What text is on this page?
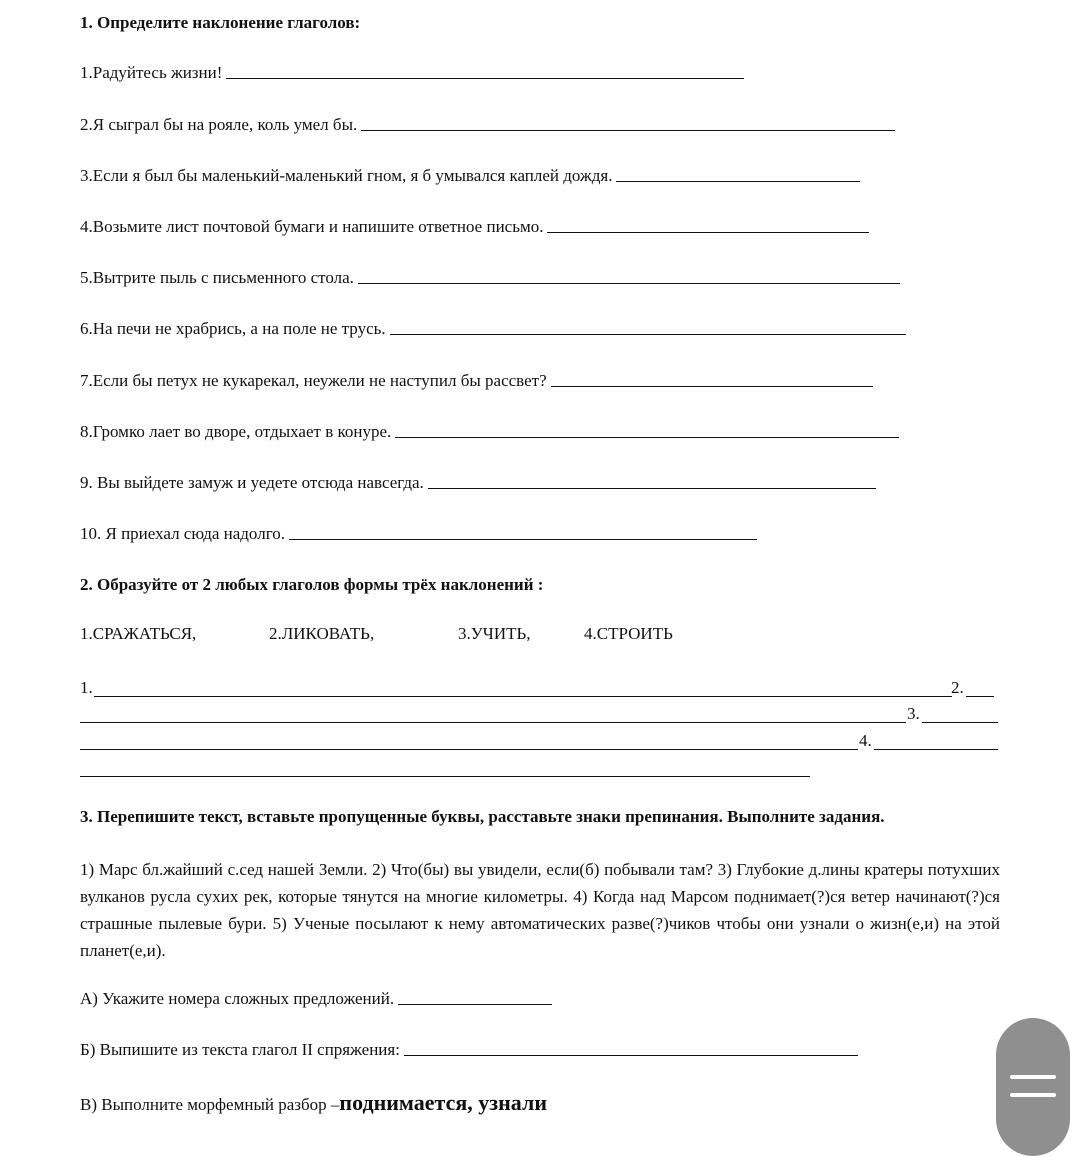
1. Определите наклонение глаголов:
1.Радуйтесь жизни!
2.Я сыграл бы на рояле, коль умел бы.
3.Если я был бы маленький-маленький гном, я б умывался каплей дождя.
4.Возьмите лист почтовой бумаги и напишите ответное письмо.
5.Вытрите пыль с письменного стола.
6.На печи не храбрись, а на поле не трусь.
7.Если бы петух не кукарекал, неужели не наступил бы рассвет?
8.Громко лает во дворе, отдыхает в конуре.
9. Вы выйдете замуж и уедете отсюда навсегда.
10. Я приехал сюда надолго.
2. Образуйте от 2 любых глаголов формы трёх наклонений :
1.СРАЖАТЬСЯ,	2.ЛИКОВАТЬ,	3.УЧИТЬ,	4.СТРОИТЬ
1.	2.
3.
4.
3. Перепишите текст, вставьте пропущенные буквы, расставьте знаки препинания. Выполните задания.
1) Марс бл.жайший с.сед нашей Земли. 2) Что(бы) вы увидели, если(б) побывали там? 3) Глубокие д.лины кратеры потухших вулканов русла сухих рек, которые тянутся на многие километры. 4) Когда над Марсом поднимает(?)ся ветер начинают(?)ся страшные пылевые бури. 5) Ученые посылают к нему автоматических разве(?)чиков чтобы они узнали о жизн(е,и) на этой планет(е,и).
А) Укажите номера сложных предложений.
Б) Выпишите из текста глагол II спряжения:
В) Выполните морфемный разбор –поднимается, узнали
